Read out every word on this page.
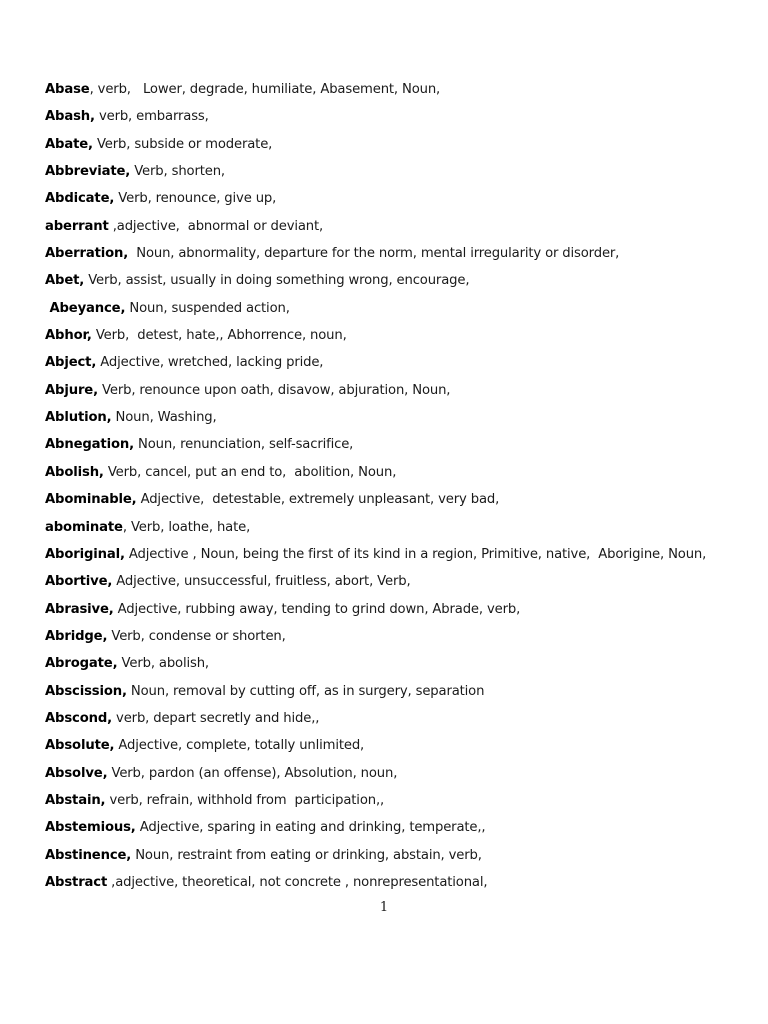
Abase, verb,   Lower, degrade, humiliate, Abasement, Noun,
Abash, verb, embarrass,
Abate, Verb, subside or moderate,
Abbreviate, Verb, shorten,
Abdicate, Verb, renounce, give up,
aberrant ,adjective,  abnormal or deviant,
Aberration,  Noun, abnormality, departure for the norm, mental irregularity or disorder,
Abet, Verb, assist, usually in doing something wrong, encourage,
Abeyance, Noun, suspended action,
Abhor, Verb,  detest, hate,, Abhorrence, noun,
Abject, Adjective, wretched, lacking pride,
Abjure, Verb, renounce upon oath, disavow, abjuration, Noun,
Ablution, Noun, Washing,
Abnegation, Noun, renunciation, self-sacrifice,
Abolish, Verb, cancel, put an end to,  abolition, Noun,
Abominable, Adjective,  detestable, extremely unpleasant, very bad,
abominate, Verb, loathe, hate,
Aboriginal, Adjective , Noun, being the first of its kind in a region, Primitive, native,  Aborigine, Noun,
Abortive, Adjective, unsuccessful, fruitless, abort, Verb,
Abrasive, Adjective, rubbing away, tending to grind down, Abrade, verb,
Abridge, Verb, condense or shorten,
Abrogate, Verb, abolish,
Abscission, Noun, removal by cutting off, as in surgery, separation
Abscond, verb, depart secretly and hide,,
Absolute, Adjective, complete, totally unlimited,
Absolve, Verb, pardon (an offense), Absolution, noun,
Abstain, verb, refrain, withhold from  participation,,
Abstemious, Adjective, sparing in eating and drinking, temperate,,
Abstinence, Noun, restraint from eating or drinking, abstain, verb,
Abstract ,adjective, theoretical, not concrete , nonrepresentational,
1
